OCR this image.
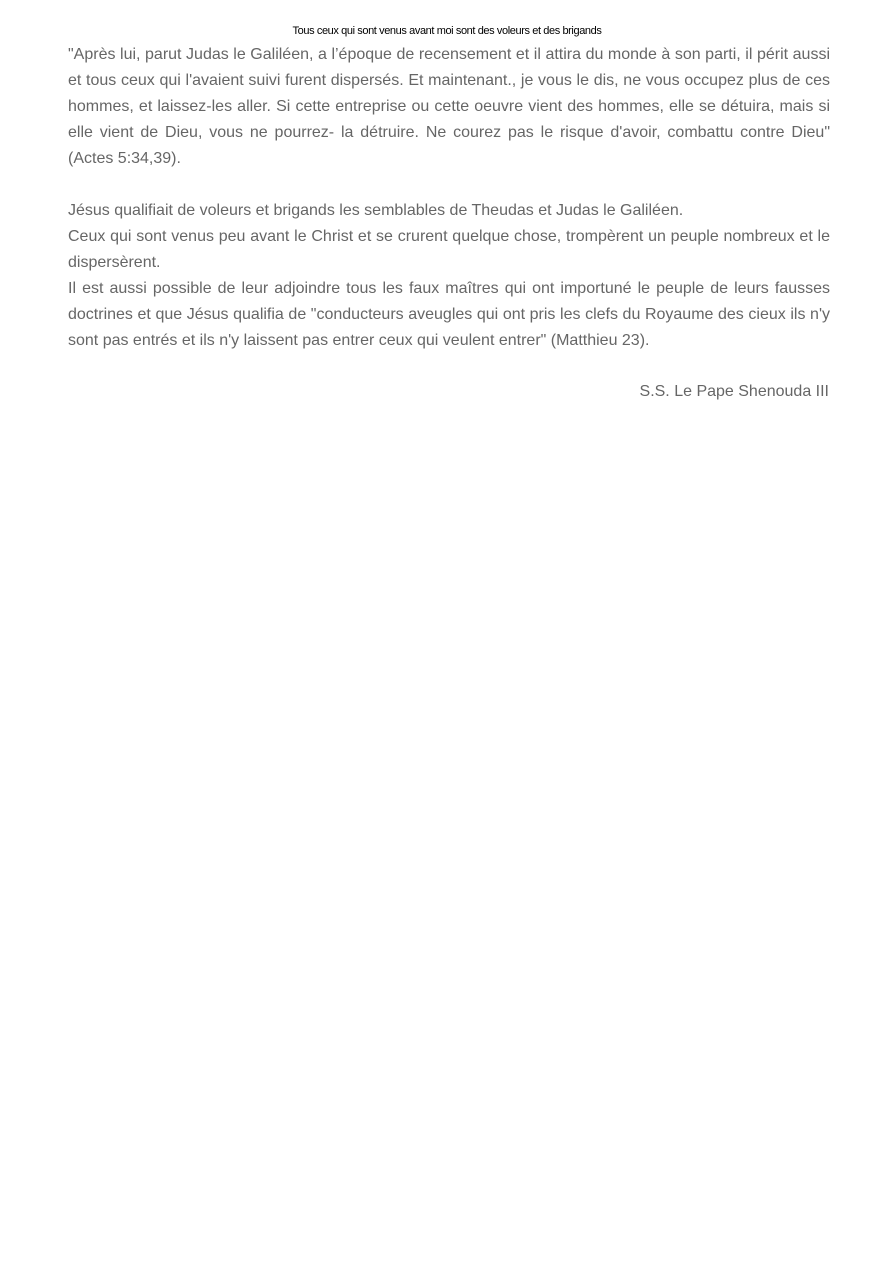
Tous ceux qui sont venus avant moi sont des voleurs et des brigands

"Après lui, parut Judas le Galiléen, a l’époque de recensement et il attira du monde à son parti, il périt aussi et tous ceux qui l'avaient suivi furent dispersés. Et maintenant., je vous le dis, ne vous occupez plus de ces hommes, et laissez-les aller. Si cette entreprise ou cette oeuvre vient des hommes, elle se détuira, mais si elle vient de Dieu, vous ne pourrez- la détruire. Ne courez pas le risque d'avoir, combattu contre Dieu" (Actes 5:34,39).

Jésus qualifiait de voleurs et brigands les semblables de Theudas et Judas le Galiléen.

Ceux qui sont venus peu avant le Christ et se crurent quelque chose, trompèrent un peuple nombreux et le dispersèrent.

Il est aussi possible de leur adjoindre tous les faux maîtres qui ont importuné le peuple de leurs fausses doctrines et que Jésus qualifia de "conducteurs aveugles qui ont pris les clefs du Royaume des cieux ils n'y sont pas entrés et ils n'y laissent pas entrer ceux qui veulent entrer" (Matthieu 23).

S.S. Le Pape Shenouda III
